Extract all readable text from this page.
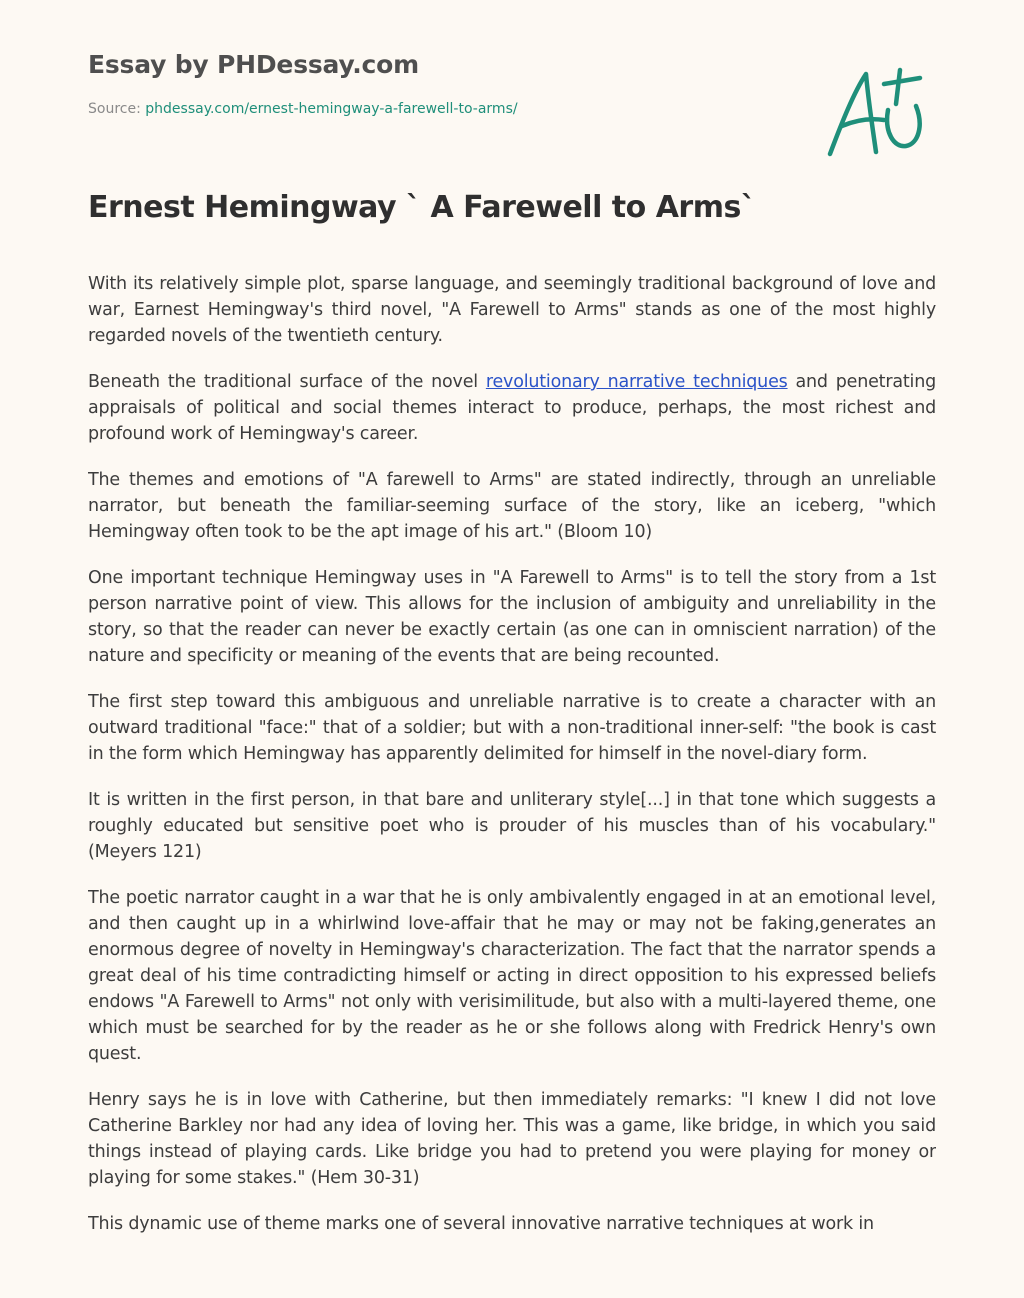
Essay by PHDessay.com
Source: phdessay.com/ernest-hemingway-a-farewell-to-arms/
Ernest Hemingway ` A Farewell to Arms`

With its relatively simple plot, sparse language, and seemingly traditional background of love and war, Earnest Hemingway's third novel, "A Farewell to Arms" stands as one of the most highly regarded novels of the twentieth century.

Beneath the traditional surface of the novel revolutionary narrative techniques and penetrating appraisals of political and social themes interact to produce, perhaps, the most richest and profound work of Hemingway's career.

The themes and emotions of "A farewell to Arms" are stated indirectly, through an unreliable narrator, but beneath the familiar-seeming surface of the story, like an iceberg, "which Hemingway often took to be the apt image of his art." (Bloom 10)

One important technique Hemingway uses in "A Farewell to Arms" is to tell the story from a 1st person narrative point of view. This allows for the inclusion of ambiguity and unreliability in the story, so that the reader can never be exactly certain (as one can in omniscient narration) of the nature and specificity or meaning of the events that are being recounted.

The first step toward this ambiguous and unreliable narrative is to create a character with an outward traditional "face:" that of a soldier; but with a non-traditional inner-self: "the book is cast in the form which Hemingway has apparently delimited for himself in the novel-diary form.

It is written in the first person, in that bare and unliterary style[...] in that tone which suggests a roughly educated but sensitive poet who is prouder of his muscles than of his vocabulary." (Meyers 121)

The poetic narrator caught in a war that he is only ambivalently engaged in at an emotional level, and then caught up in a whirlwind love-affair that he may or may not be faking,generates an enormous degree of novelty in Hemingway's characterization. The fact that the narrator spends a great deal of his time contradicting himself or acting in direct opposition to his expressed beliefs endows "A Farewell to Arms" not only with verisimilitude, but also with a multi-layered theme, one which must be searched for by the reader as he or she follows along with Fredrick Henry's own quest.

Henry says he is in love with Catherine, but then immediately remarks: "I knew I did not love Catherine Barkley nor had any idea of loving her. This was a game, like bridge, in which you said things instead of playing cards. Like bridge you had to pretend you were playing for money or playing for some stakes." (Hem 30-31)

This dynamic use of theme marks one of several innovative narrative techniques at work in
